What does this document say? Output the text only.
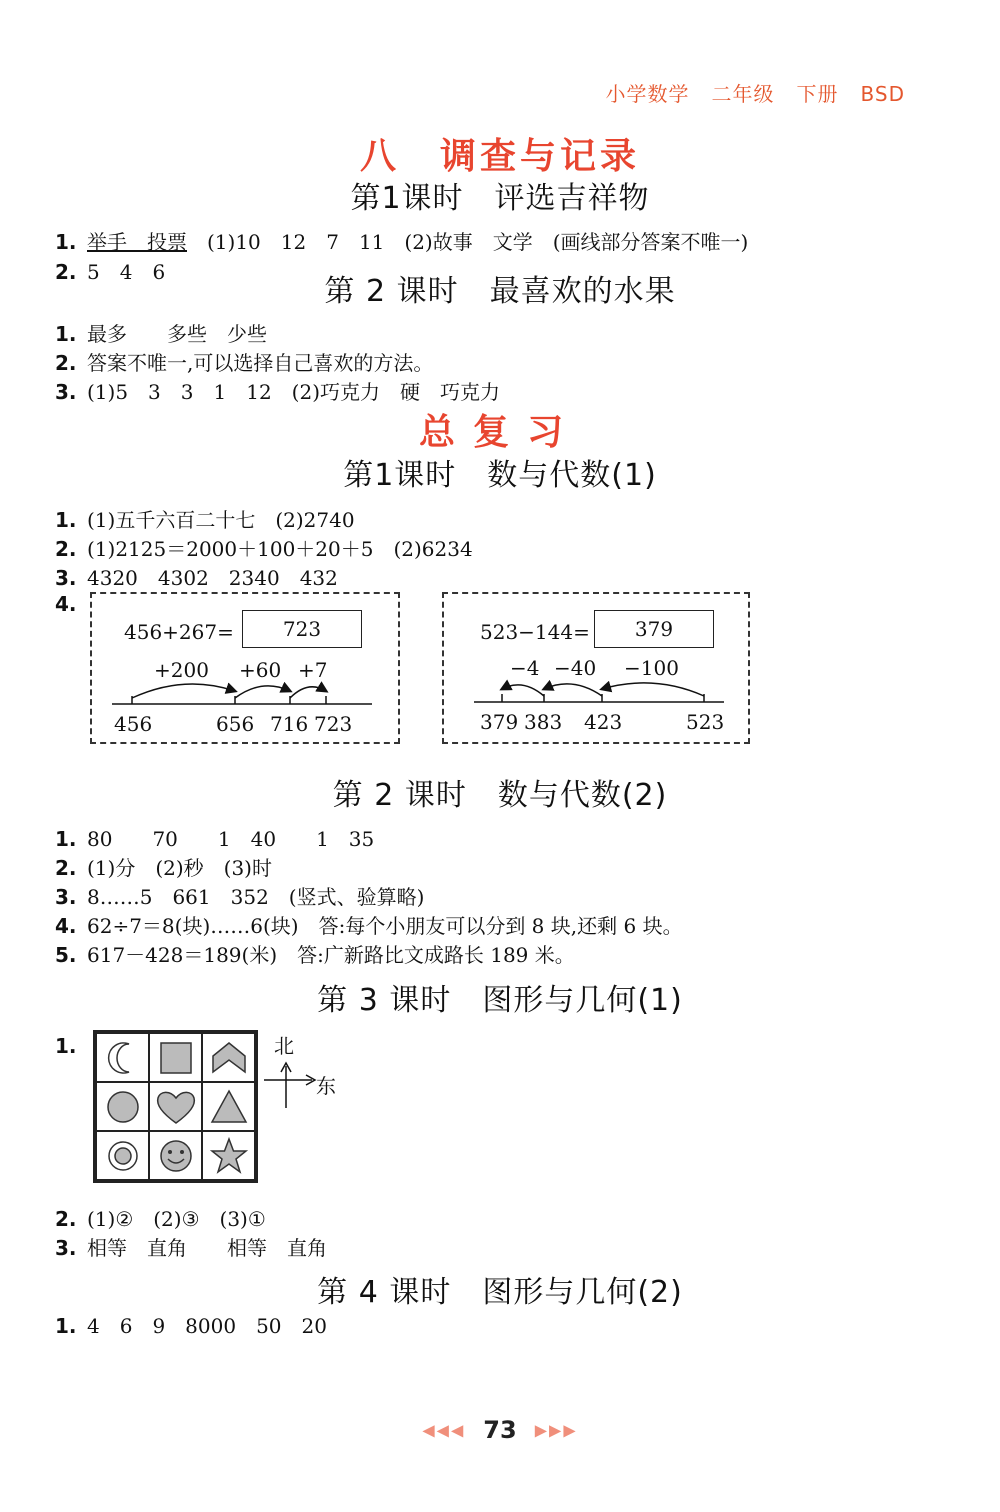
小学数学 二年级 下册 BSD
八　调查与记录
第1课时　评选吉祥物
1. 举手　投票　(1)10　12　7　11　(2)故事　文学　(画线部分答案不唯一)
2. 5　4　6
第 2 课时　最喜欢的水果
1. 最多　　多些　少些
2. 答案不唯一,可以选择自己喜欢的方法。
3. (1)5　3　3　1　12　(2)巧克力　硬　巧克力
总复习
第1课时　数与代数(1)
1. (1)五千六百二十七　(2)2740
2. (1)2125＝2000＋100＋20＋5　(2)6234
3. 4320　4302　2340　432
4.
456+267=	723
+200 +60 +7
456	656 716 723
523−144=	379
−4 −40 −100
379 383 423	523
第 2 课时　数与代数(2)
1. 80　　70　　1　40　　1　35
2. (1)分　(2)秒　(3)时
3. 8……5　661　352　(竖式、验算略)
4. 62÷7＝8(块)……6(块)　答:每个小朋友可以分到 8 块,还剩 6 块。
5. 617－428＝189(米)　答:广新路比文成路长 189 米。
第 3 课时　图形与几何(1)
1.	北
东
2. (1)②　(2)③　(3)①
3. 相等　直角　　相等　直角
第 4 课时　图形与几何(2)
1. 4　6　9　8000　50　20
◀◀◀ 73 ▶▶▶
